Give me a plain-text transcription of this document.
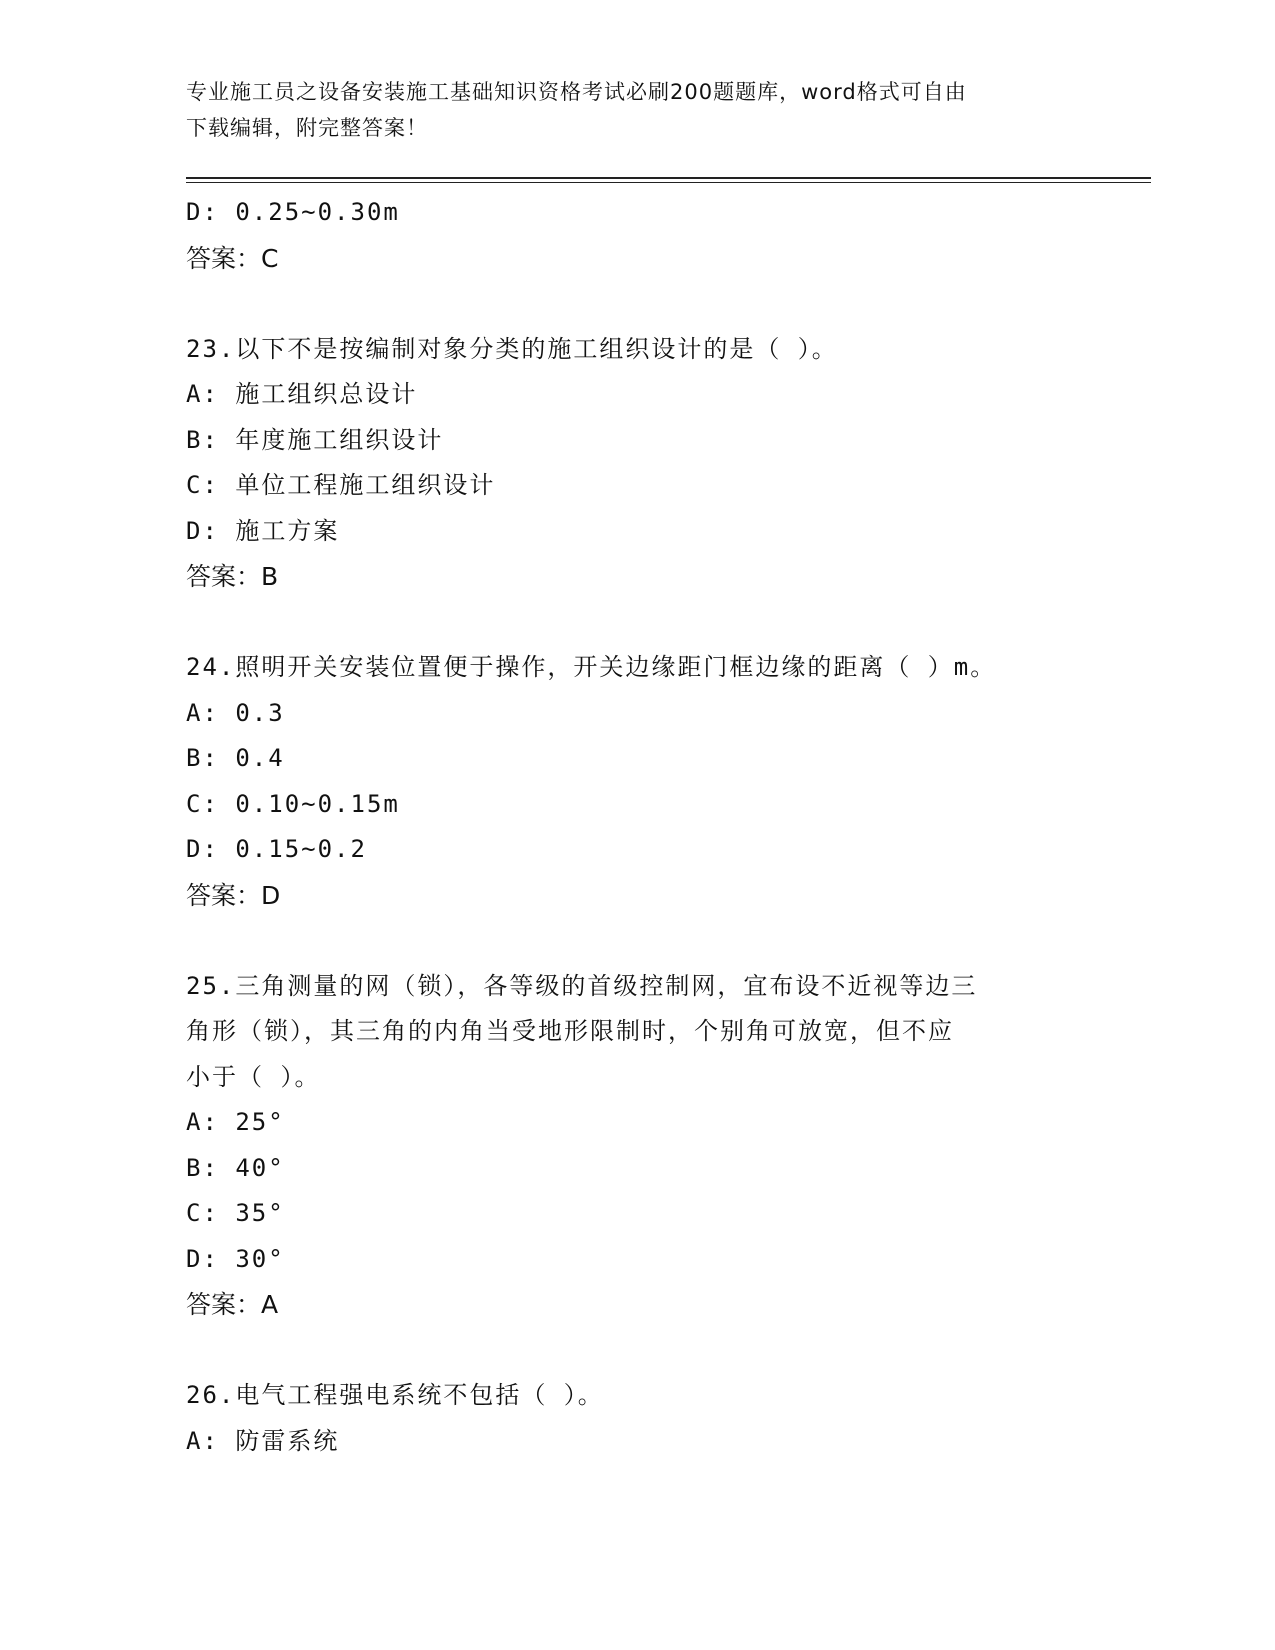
专业施工员之设备安装施工基础知识资格考试必刷200题题库，word格式可自由
下载编辑，附完整答案！
D: 0.25~0.30m
答案：C
23.以下不是按编制对象分类的施工组织设计的是（ ）。
A: 施工组织总设计
B: 年度施工组织设计
C: 单位工程施工组织设计
D: 施工方案
答案：B
24.照明开关安装位置便于操作，开关边缘距门框边缘的距离（ ）m。
A: 0.3
B: 0.4
C: 0.10~0.15m
D: 0.15~0.2
答案：D
25.三角测量的网（锁），各等级的首级控制网，宜布设不近视等边三
角形（锁），其三角的内角当受地形限制时，个别角可放宽，但不应
小于（ ）。
A: 25°
B: 40°
C: 35°
D: 30°
答案：A
26.电气工程强电系统不包括（ ）。
A: 防雷系统
